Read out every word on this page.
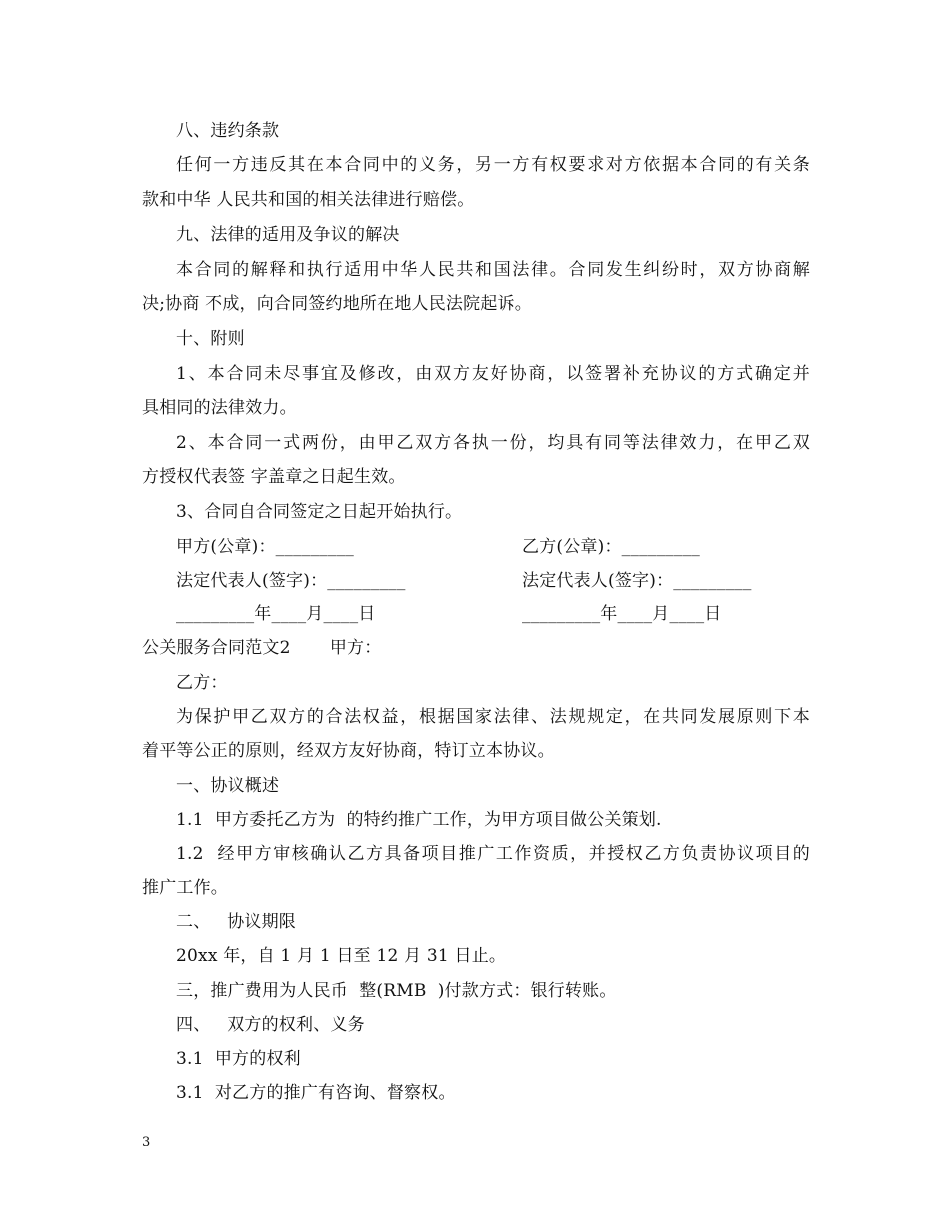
八、违约条款
任何一方违反其在本合同中的义务，另一方有权要求对方依据本合同的有关条
款和中华 人民共和国的相关法律进行赔偿。
九、法律的适用及争议的解决
本合同的解释和执行适用中华人民共和国法律。合同发生纠纷时，双方协商解
决;协商 不成，向合同签约地所在地人民法院起诉。
十、附则
1、本合同未尽事宜及修改，由双方友好协商，以签署补充协议的方式确定并
具相同的法律效力。
2、本合同一式两份，由甲乙双方各执一份，均具有同等法律效力，在甲乙双
方授权代表签 字盖章之日起生效。
3、合同自合同签定之日起开始执行。
甲方(公章)：_________	乙方(公章)：_________
法定代表人(签字)：_________	法定代表人(签字)：_________
_________年____月____日	_________年____月____日
公关服务合同范文2       甲方：
乙方：
为保护甲乙双方的合法权益，根据国家法律、法规规定，在共同发展原则下本
着平等公正的原则，经双方友好协商，特订立本协议。
一、协议概述
1.1  甲方委托乙方为  的特约推广工作，为甲方项目做公关策划.
1.2  经甲方审核确认乙方具备项目推广工作资质，并授权乙方负责协议项目的
推广工作。
二、   协议期限
20xx 年，自 1 月 1 日至 12 月 31 日止。
三，推广费用为人民币  整(RMB  )付款方式：银行转账。
四、   双方的权利、义务
3.1  甲方的权利
3.1  对乙方的推广有咨询、督察权。
3
